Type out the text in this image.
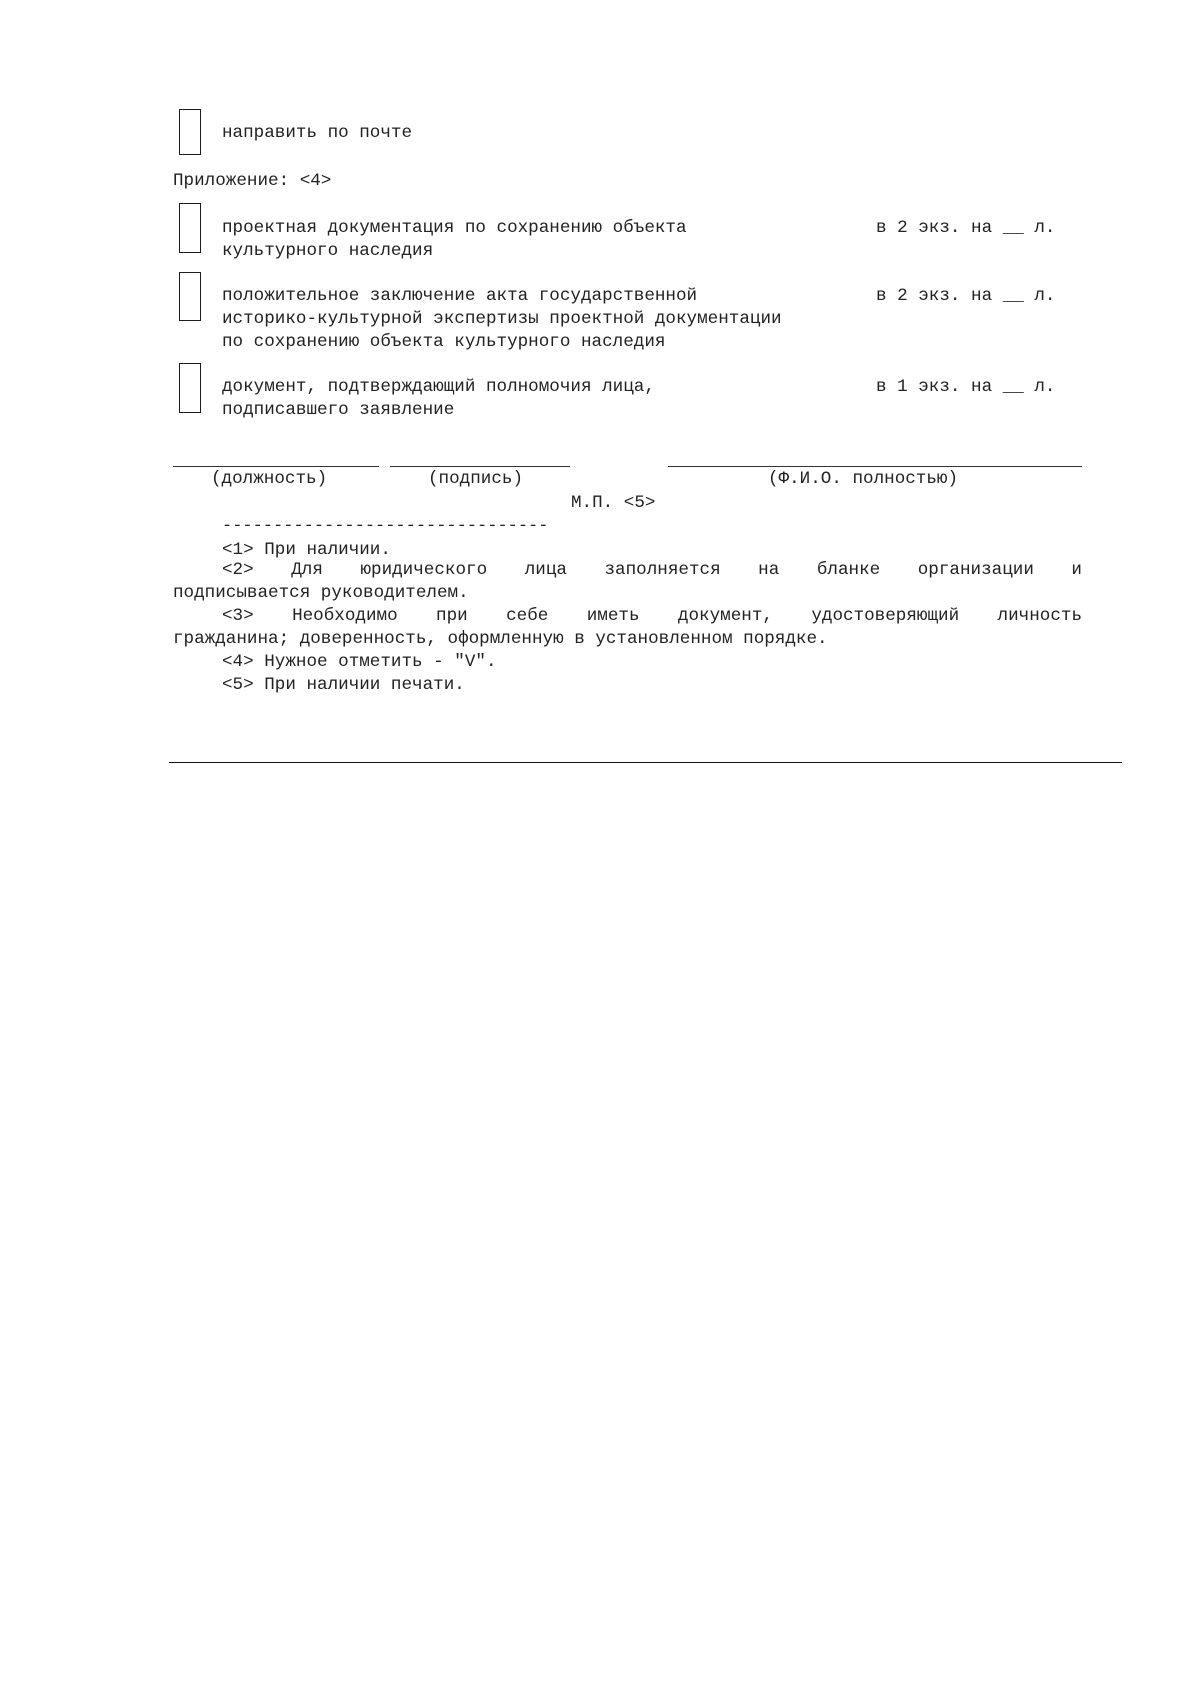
направить по почте
Приложение: <4>
проектная документация по сохранению объекта
культурного наследия
в 2 экз. на __ л.
положительное заключение акта государственной
историко-культурной экспертизы проектной документации
по сохранению объекта культурного наследия
в 2 экз. на __ л.
документ, подтверждающий полномочия лица,
подписавшего заявление
в 1 экз. на __ л.
(должность)	(подпись)	(Ф.И.О. полностью)
М.П. <5>
--------------------------------
<1> При наличии.
<2> Для юридического лица заполняется на бланке организации и
подписывается руководителем.
<3> Необходимо при себе иметь документ, удостоверяющий личность
гражданина; доверенность, оформленную в установленном порядке.
<4> Нужное отметить - "V".
<5> При наличии печати.
